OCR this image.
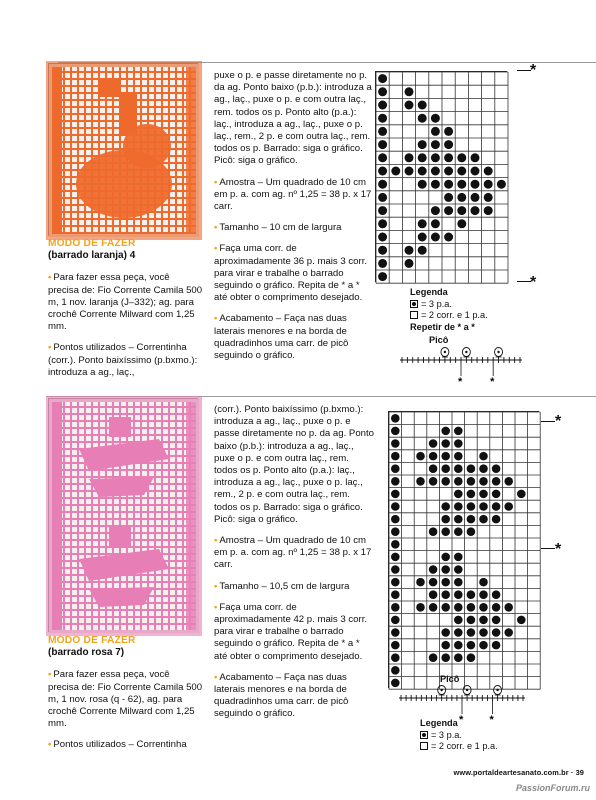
MODO DE FAZER
(barrado laranja) 4

• Para fazer essa peça, você precisa de: Fio Corrente Camila 500 m, 1 nov. laranja (J–332); ag. para crochê Corrente Milward com 1,25 mm.

• Pontos utilizados – Correntinha (corr.). Ponto baixíssimo (p.bxmo.): introduza a ag., laç.,

puxe o p. e passe diretamente no p. da ag. Ponto baixo (p.b.): introduza a ag., laç., puxe o p. e com outra laç., rem. todos os p. Ponto alto (p.a.): laç., introduza a ag., laç., puxe o p. laç., rem., 2 p. e com outra laç., rem. todos os p. Barrado: siga o gráfico. Picô: siga o gráfico.

• Amostra – Um quadrado de 10 cm em p. a. com ag. nº 1,25 = 38 p. x 17 carr.

• Tamanho – 10 cm de largura

• Faça uma corr. de aproximadamente 36 p. mais 3 corr. para virar e trabalhe o barrado seguindo o gráfico. Repita de * a * até obter o comprimento desejado.

• Acabamento – Faça nas duas laterais menores e na borda de quadradinhos uma carr. de picô seguindo o gráfico.

*
*
Legenda
= 3 p.a.
= 2 corr. e 1 p.a.
Repetir de * a *
Picô
*	*
MODO DE FAZER
(barrado rosa 7)

• Para fazer essa peça, você precisa de: Fio Corrente Camila 500 m, 1 nov. rosa (q - 62), ag. para crochê Corrente Milward com 1,25 mm.

• Pontos utilizados – Correntinha

(corr.). Ponto baixíssimo (p.bxmo.): introduza a ag., laç., puxe o p. e passe diretamente no p. da ag. Ponto baixo (p.b.): introduza a ag., laç., puxe o p. e com outra laç., rem. todos os p. Ponto alto (p.a.): laç., introduza a ag., laç., puxe o p. laç., rem., 2 p. e com outra laç., rem. todos os p. Barrado: siga o gráfico. Picô: siga o gráfico.

• Amostra – Um quadrado de 10 cm em p. a. com ag. nº 1,25 = 38 p. x 17 carr.

• Tamanho – 10,5 cm de largura

• Faça uma corr. de aproximadamente 42 p. mais 3 corr. para virar e trabalhe o barrado seguindo o gráfico. Repita de * a * até obter o comprimento desejado.

• Acabamento – Faça nas duas laterais menores e na borda de quadradinhos uma carr. de picô seguindo o gráfico.

*
*
Picô
* *
Legenda
= 3 p.a.
= 2 corr. e 1 p.a.
www.portaldeartesanato.com.br · 39
PassionForum.ru
